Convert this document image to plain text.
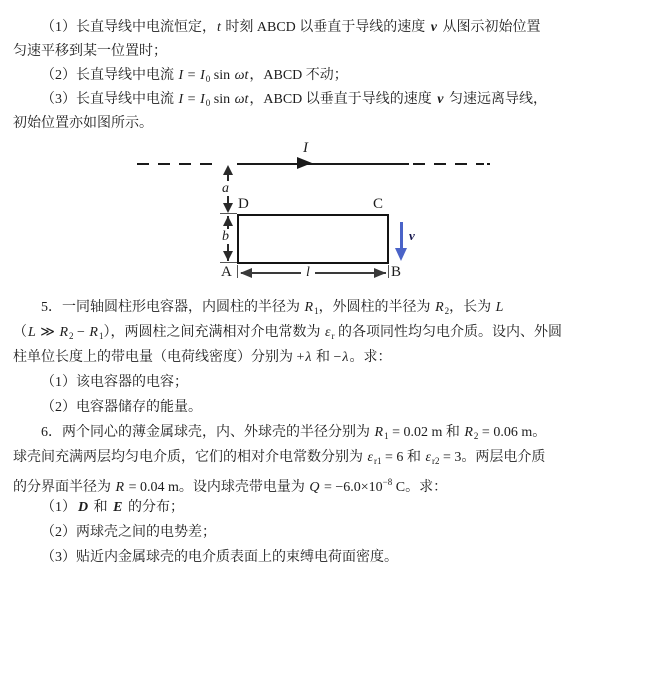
（1）长直导线中电流恒定，t 时刻 ABCD 以垂直于导线的速度 v 从图示初始位置
匀速平移到某一位置时；
（2）长直导线中电流 $I = I_0$ sin ωt，ABCD 不动；
（3）长直导线中电流 $I = I_0$ sin ωt，ABCD 以垂直于导线的速度 v 匀速远离导线，
初始位置亦如图所示。
I
a
b
D	C
A	B
l
v
5．一同轴圆柱形电容器，内圆柱的半径为 $R_1$，外圆柱的半径为 $R_2$，长为 L
（L ≫ $R_2 - R_1$），两圆柱之间充满相对介电常数为 $\varepsilon_r$ 的各项同性均匀电介质。设内、外圆
柱单位长度上的带电量（电荷线密度）分别为 +λ 和 −λ。求：
（1）该电容器的电容；
（2）电容器储存的能量。
6．两个同心的薄金属球壳，内、外球壳的半径分别为 $R_1 = 0.02$ m 和 $R_2 = 0.06$ m。
球壳间充满两层均匀电介质，它们的相对介电常数分别为 $\varepsilon_{r1} = 6$ 和 $\varepsilon_{r2} = 3$。两层电介质
的分界面半径为 R = 0.04 m。设内球壳带电量为 $Q = -6.0\times 10^{-8}$ C。求：
（1） D 和 E 的分布；
（2）两球壳之间的电势差；
（3）贴近内金属球壳的电介质表面上的束缚电荷面密度。
